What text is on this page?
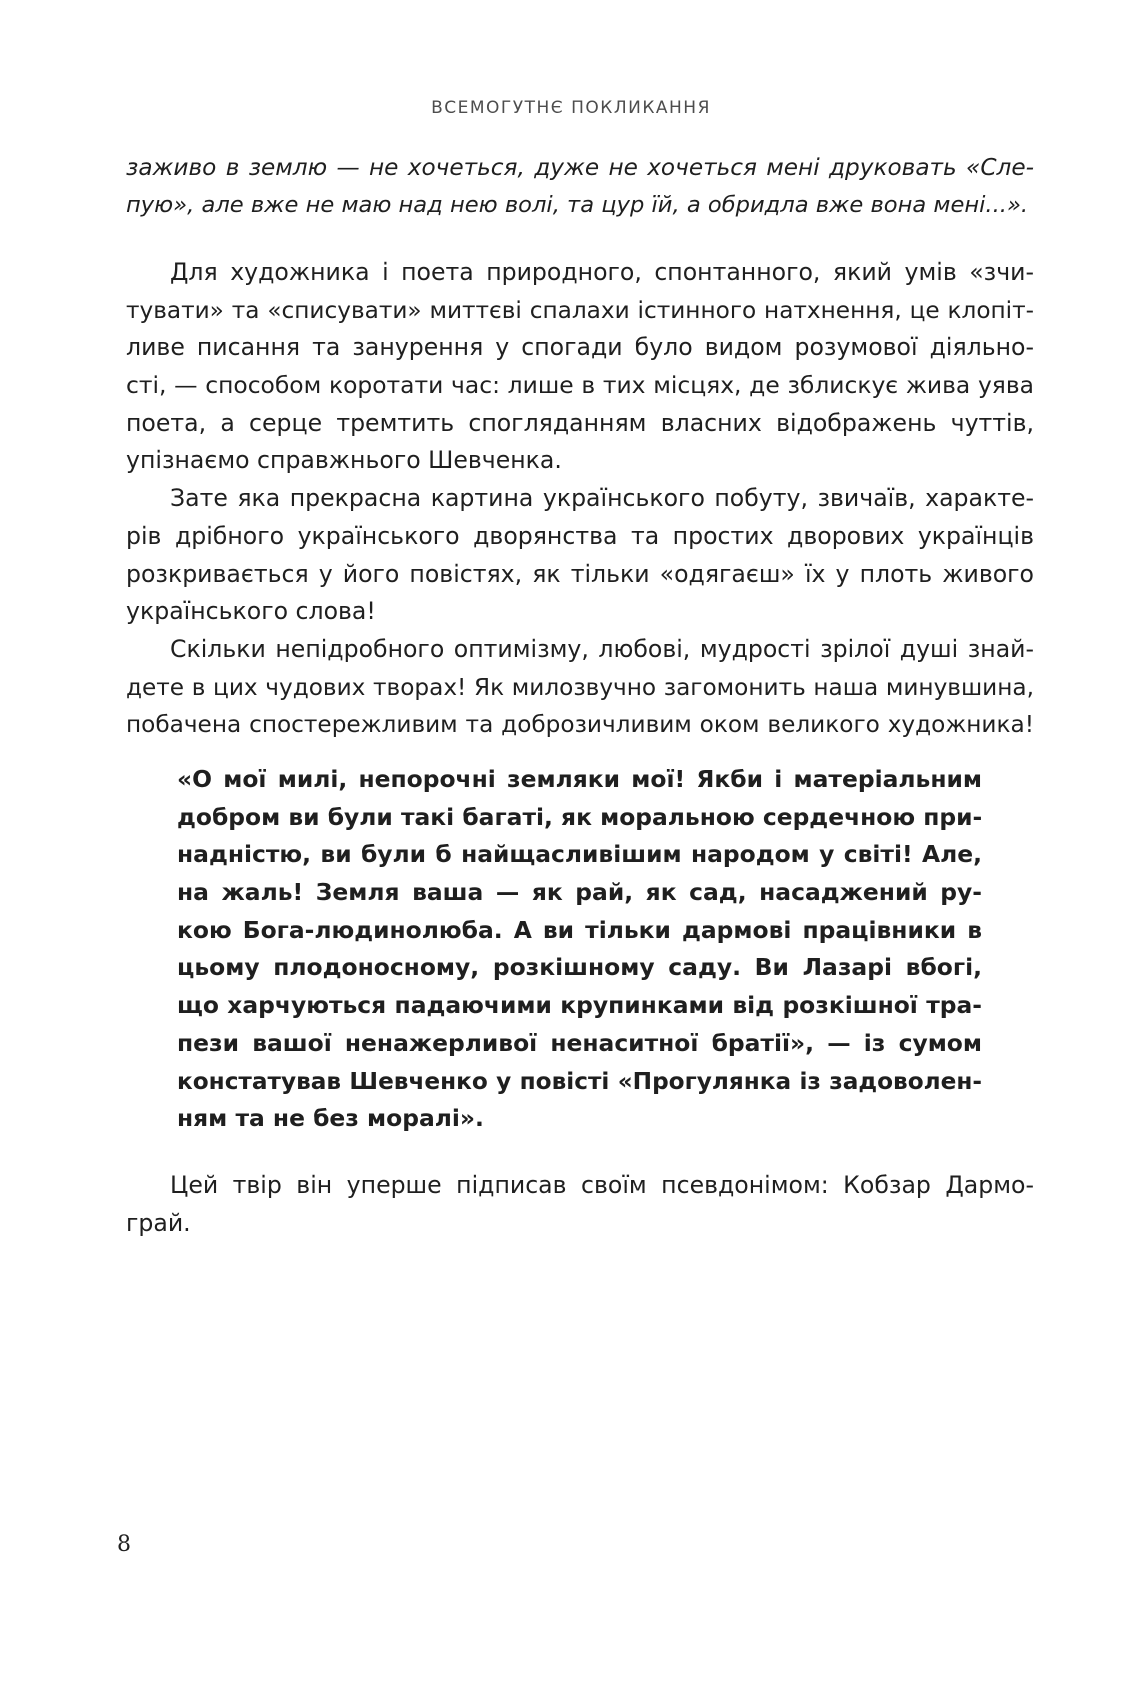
ВСЕМОГУТНЄ ПОКЛИКАННЯ
заживо в землю — не хочеться, дуже не хочеться мені друковать «Сле-
пую», але вже не маю над нею волі, та цур їй, а обридла вже вона мені...».
Для художника і поета природного, спонтанного, який умів «зчи-
тувати» та «списувати» миттєві спалахи істинного натхнення, це клопіт-
ливе писання та занурення у спогади було видом розумової діяльно-
сті, — способом коротати час: лише в тих місцях, де зблискує жива уява
поета, а серце тремтить спогляданням власних відображень чуттів,
упізнаємо справжнього Шевченка.
Зате яка прекрасна картина українського побуту, звичаїв, характе-
рів дрібного українського дворянства та простих дворових українців
розкривається у його повістях, як тільки «одягаєш» їх у плоть живого
українського слова!
Скільки непідробного оптимізму, любові, мудрості зрілої душі знай-
дете в цих чудових творах! Як милозвучно загомонить наша минувшина,
побачена спостережливим та доброзичливим оком великого художника!
«О мої милі, непорочні земляки мої! Якби і матеріальним
добром ви були такі багаті, як моральною сердечною при-
надністю, ви були б найщасливішим народом у світі! Але,
на жаль! Земля ваша — як рай, як сад, насаджений ру-
кою Бога-людинолюба. А ви тільки дармові працівники в
цьому плодоносному, розкішному саду. Ви Лазарі вбогі,
що харчуються падаючими крупинками від розкішної тра-
пези вашої ненажерливої ненаситної братії», — із сумом
констатував Шевченко у повісті «Прогулянка із задоволен-
ням та не без моралі».
Цей твір він уперше підписав своїм псевдонімом: Кобзар Дармо-
грай.
8
